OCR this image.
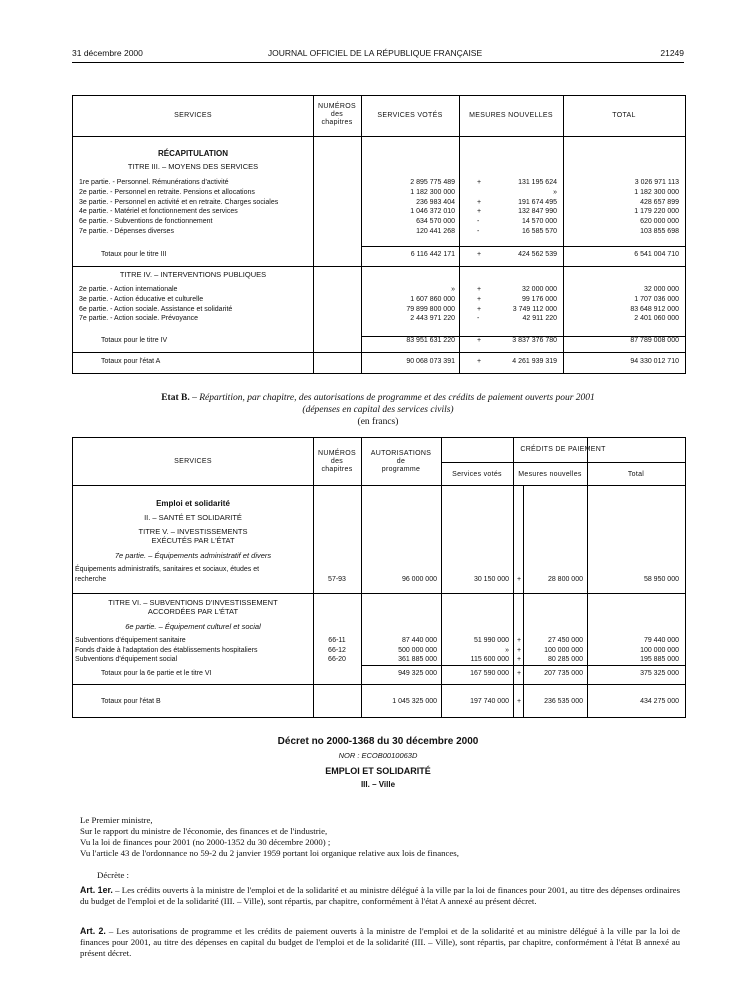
31 décembre 2000	JOURNAL OFFICIEL DE LA RÉPUBLIQUE FRANÇAISE	21249
SERVICES
NUMÉROS
des
chapitres
SERVICES VOTÉS	MESURES NOUVELLES	TOTAL
RÉCAPITULATION
TITRE III. – MOYENS DES SERVICES
TITRE IV. – INTERVENTIONS PUBLIQUES
1re partie. - Personnel. Rémunérations d'activité	2 895 775 489	+	131 195 624	3 026 971 113
2e partie. - Personnel en retraite. Pensions et allocations	1 182 300 000	»	1 182 300 000
3e partie. - Personnel en activité et en retraite. Charges sociales	236 983 404	+	191 674 495	428 657 899
4e partie. - Matériel et fonctionnement des services	1 046 372 010	+	132 847 990	1 179 220 000
6e partie. - Subventions de fonctionnement	634 570 000	-	14 570 000	620 000 000
7e partie. - Dépenses diverses	120 441 268	-	16 585 570	103 855 698
Totaux pour le titre III	6 116 442 171	+	424 562 539	6 541 004 710
2e partie. - Action internationale	»	+	32 000 000	32 000 000
3e partie. - Action éducative et culturelle	1 607 860 000	+	99 176 000	1 707 036 000
6e partie. - Action sociale. Assistance et solidarité	79 899 800 000	+	3 749 112 000	83 648 912 000
7e partie. - Action sociale. Prévoyance	2 443 971 220	-	42 911 220	2 401 060 000
Totaux pour le titre IV	83 951 631 220	+	3 837 376 780	87 789 008 000
Totaux pour l'état A	90 068 073 391	+	4 261 939 319	94 330 012 710
Etat B. – Répartition, par chapitre, des autorisations de programme et des crédits de paiement ouverts pour 2001
(dépenses en capital des services civils)
(en francs)
SERVICES
NUMÉROS
des
chapitres
AUTORISATIONS
de
programme
CRÉDITS DE PAIEMENT
Services votés	Mesures nouvelles	Total
Emploi et solidarité
II. – SANTÉ ET SOLIDARITÉ
TITRE V. – INVESTISSEMENTS
EXÉCUTÉS PAR L'ÉTAT
7e partie. – Équipements administratif et divers
TITRE VI. – SUBVENTIONS D'INVESTISSEMENT
ACCORDÉES PAR L'ÉTAT
6e partie. – Équipement culturel et social
Équipements administratifs, sanitaires et sociaux, études et
recherche	57-93	96 000 000	30 150 000 +	28 800 000	58 950 000
Subventions d'équipement sanitaire	66-11	87 440 000	51 990 000 +	27 450 000	79 440 000
Fonds d'aide à l'adaptation des établissements hospitaliers	66-12	500 000 000	» +	100 000 000	100 000 000
Subventions d'équipement social	66-20	361 885 000	115 600 000 +	80 285 000	195 885 000
Totaux pour la 6e partie et le titre VI	949 325 000	167 590 000 +	207 735 000	375 325 000
Totaux pour l'état B	1 045 325 000	197 740 000 +	236 535 000	434 275 000
Décret no 2000-1368 du 30 décembre 2000
NOR : ECOB0010063D
EMPLOI ET SOLIDARITÉ
III. – Ville
Le Premier ministre,
Sur le rapport du ministre de l'économie, des finances et de l'industrie,
Vu la loi de finances pour 2001 (no 2000-1352 du 30 décembre 2000) ;
Vu l'article 43 de l'ordonnance no 59-2 du 2 janvier 1959 portant loi organique relative aux lois de finances,
Décrète :
Art. 1er. – Les crédits ouverts à la ministre de l'emploi et de la solidarité et au ministre délégué à la ville par la loi de finances pour 2001, au titre des dépenses ordinaires du budget de l'emploi et de la solidarité (III. – Ville), sont répartis, par chapitre, conformément à l'état A annexé au présent décret.
Art. 2. – Les autorisations de programme et les crédits de paiement ouverts à la ministre de l'emploi et de la solidarité et au ministre délégué à la ville par la loi de finances pour 2001, au titre des dépenses en capital du budget de l'emploi et de la solidarité (III. – Ville), sont répartis, par chapitre, conformément à l'état B annexé au présent décret.
